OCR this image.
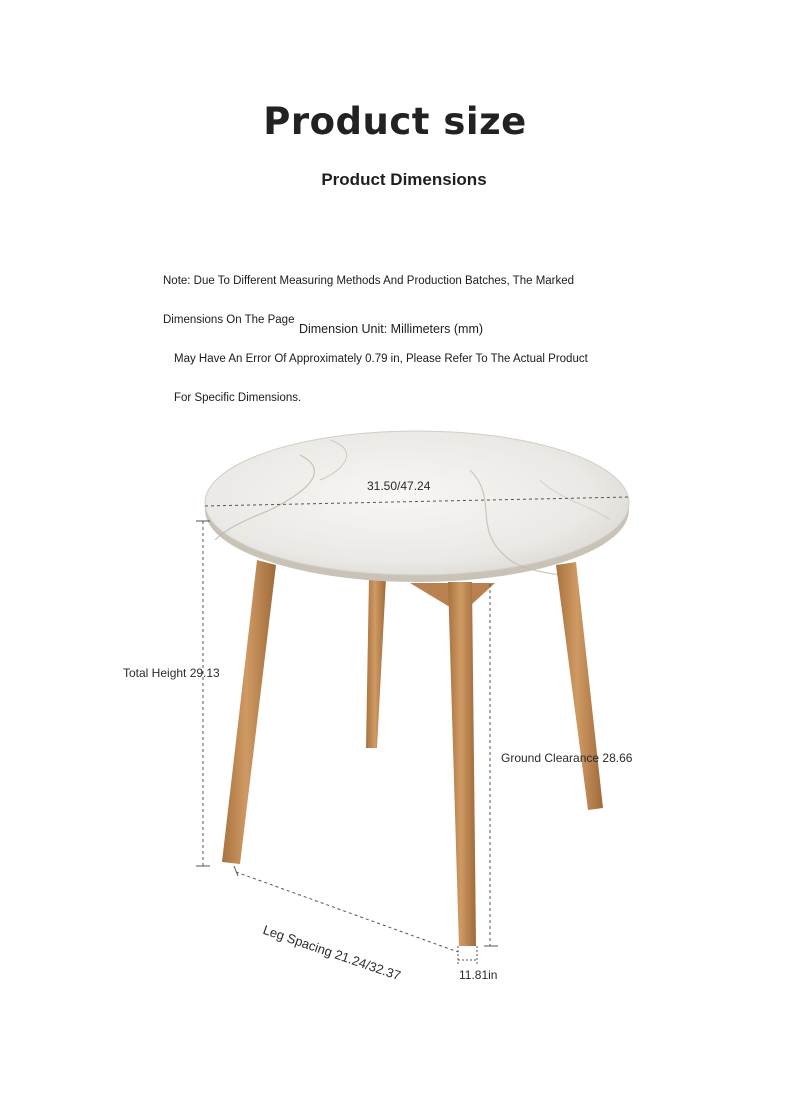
Product size
Product Dimensions

Note: Due To Different Measuring Methods And Production Batches, The Marked

Dimensions On The Page

May Have An Error Of Approximately 0.79 in, Please Refer To The Actual Product

For Specific Dimensions.

Dimension Unit: Millimeters (mm)
31.50/47.24
Total Height 29.13
Ground Clearance 28.66
Leg Spacing 21.24/32.37	11.81in
